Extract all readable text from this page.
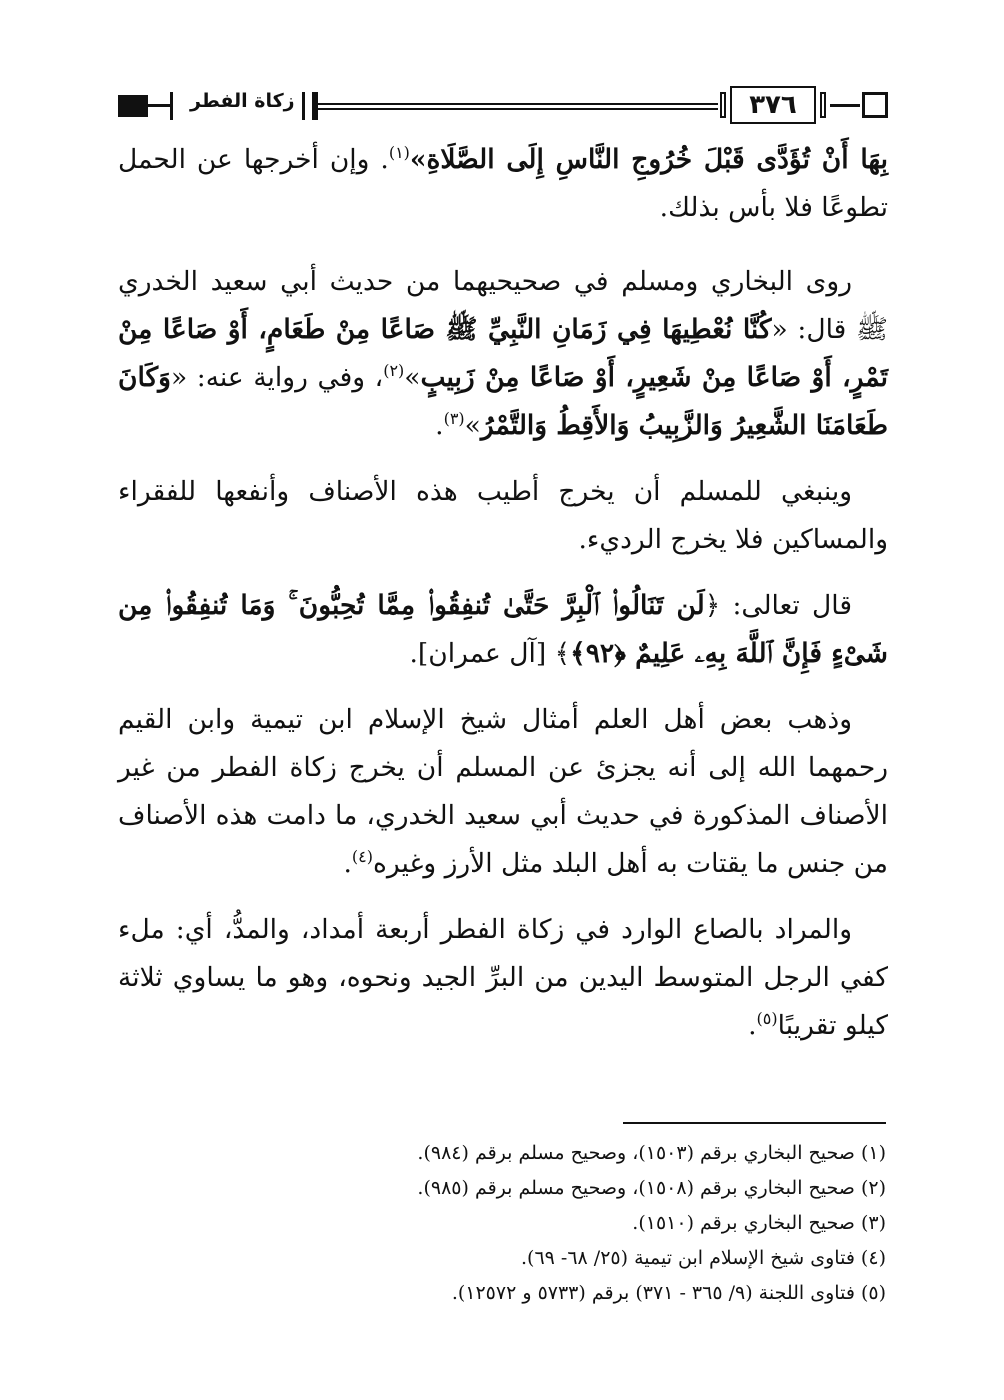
زكاة الفطر	٣٧٦

بِهَا أَنْ تُؤَدَّى قَبْلَ خُرُوجِ النَّاسِ إِلَى الصَّلَاةِ»$^{(١)}$. وإن أخرجها عن الحمل تطوعًا فلا بأس بذلك.

روى البخاري ومسلم في صحيحيهما من حديث أبي سعيد الخدري ﷺ قال: «كُنَّا نُعْطِيهَا فِي زَمَانِ النَّبِيِّ ﷺ صَاعًا مِنْ طَعَامٍ، أَوْ صَاعًا مِنْ تَمْرٍ، أَوْ صَاعًا مِنْ شَعِيرٍ، أَوْ صَاعًا مِنْ زَبِيبٍ»$^{(٢)}$، وفي رواية عنه: «وَكَانَ طَعَامَنَا الشَّعِيرُ وَالزَّبِيبُ وَالأَقِطُ وَالتَّمْرُ»$^{(٣)}$.

وينبغي للمسلم أن يخرج أطيب هذه الأصناف وأنفعها للفقراء والمساكين فلا يخرج الرديء.

قال تعالى: ﴿لَن تَنَالُوا۟ ٱلْبِرَّ حَتَّىٰ تُنفِقُوا۟ مِمَّا تُحِبُّونَ ۚ وَمَا تُنفِقُوا۟ مِن شَىْءٍ فَإِنَّ ٱللَّهَ بِهِۦ عَلِيمٌ ﴿٩٢﴾﴾ [آل عمران].

وذهب بعض أهل العلم أمثال شيخ الإسلام ابن تيمية وابن القيم رحمهما الله إلى أنه يجزئ عن المسلم أن يخرج زكاة الفطر من غير الأصناف المذكورة في حديث أبي سعيد الخدري، ما دامت هذه الأصناف من جنس ما يقتات به أهل البلد مثل الأرز وغيره$^{(٤)}$.

والمراد بالصاع الوارد في زكاة الفطر أربعة أمداد، والمدُّ، أي: ملء كفي الرجل المتوسط اليدين من البرِّ الجيد ونحوه، وهو ما يساوي ثلاثة كيلو تقريبًا$^{(٥)}$.

(١) صحيح البخاري برقم (١٥٠٣)، وصحيح مسلم برقم (٩٨٤).

(٢) صحيح البخاري برقم (١٥٠٨)، وصحيح مسلم برقم (٩٨٥).

(٣) صحيح البخاري برقم (١٥١٠).

(٤) فتاوى شيخ الإسلام ابن تيمية (٢٥/ ٦٨- ٦٩).

(٥) فتاوى اللجنة (٩/ ٣٦٥ - ٣٧١) برقم (٥٧٣٣ و ١٢٥٧٢).
